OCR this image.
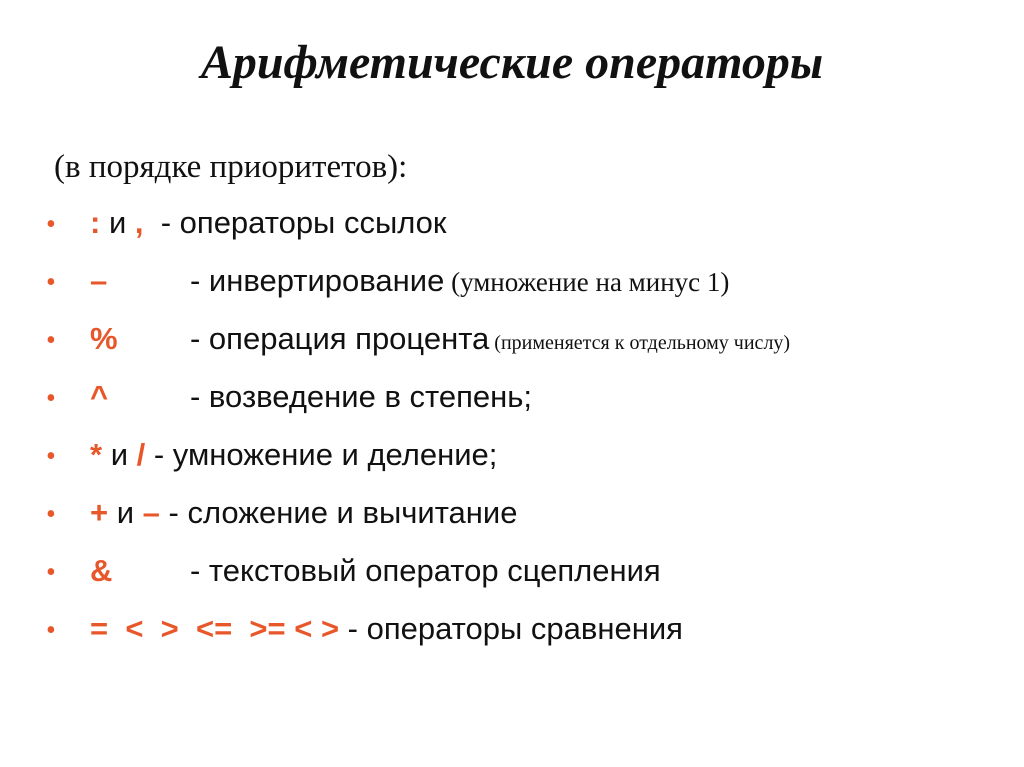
Арифметические операторы
(в порядке приоритетов):
• : и ,  - операторы ссылок
• –	- инвертирование (умножение на минус 1)
• % - операция процента (применяется к отдельному числу)
• ^	- возведение в степень;
• * и / - умножение и деление;
• + и – - сложение и вычитание
• &	- текстовый оператор сцепления
• =  <  >  <=  >= < > - операторы сравнения
